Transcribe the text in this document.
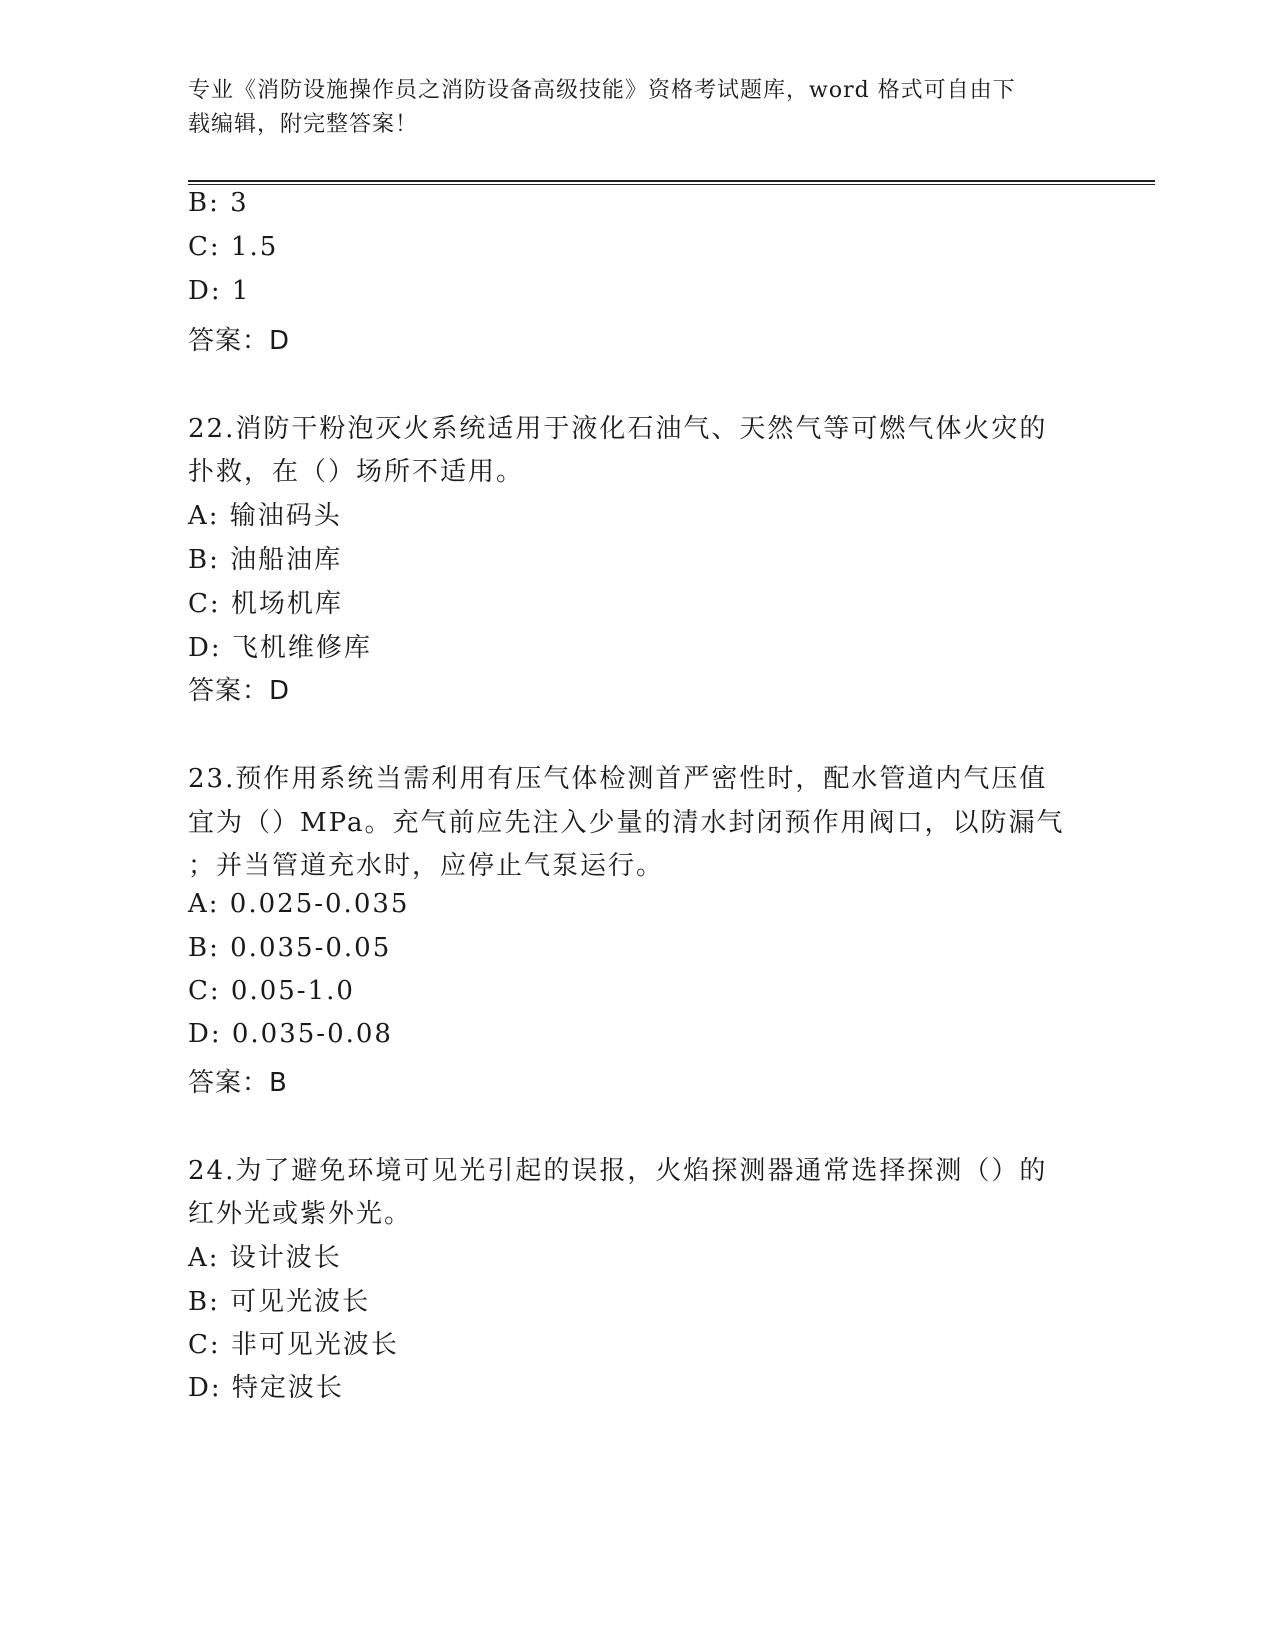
专业《消防设施操作员之消防设备高级技能》资格考试题库，word 格式可自由下
载编辑，附完整答案！
B: 3
C: 1.5
D: 1
答案：D
22.消防干粉泡灭火系统适用于液化石油气、天然气等可燃气体火灾的
扑救，在（）场所不适用。
A: 输油码头
B: 油船油库
C: 机场机库
D: 飞机维修库
答案：D
23.预作用系统当需利用有压气体检测首严密性时，配水管道内气压值
宜为（）MPa。充气前应先注入少量的清水封闭预作用阀口，以防漏气
；并当管道充水时，应停止气泵运行。
A: 0.025-0.035
B: 0.035-0.05
C: 0.05-1.0
D: 0.035-0.08
答案：B
24.为了避免环境可见光引起的误报，火焰探测器通常选择探测（）的
红外光或紫外光。
A: 设计波长
B: 可见光波长
C: 非可见光波长
D: 特定波长
